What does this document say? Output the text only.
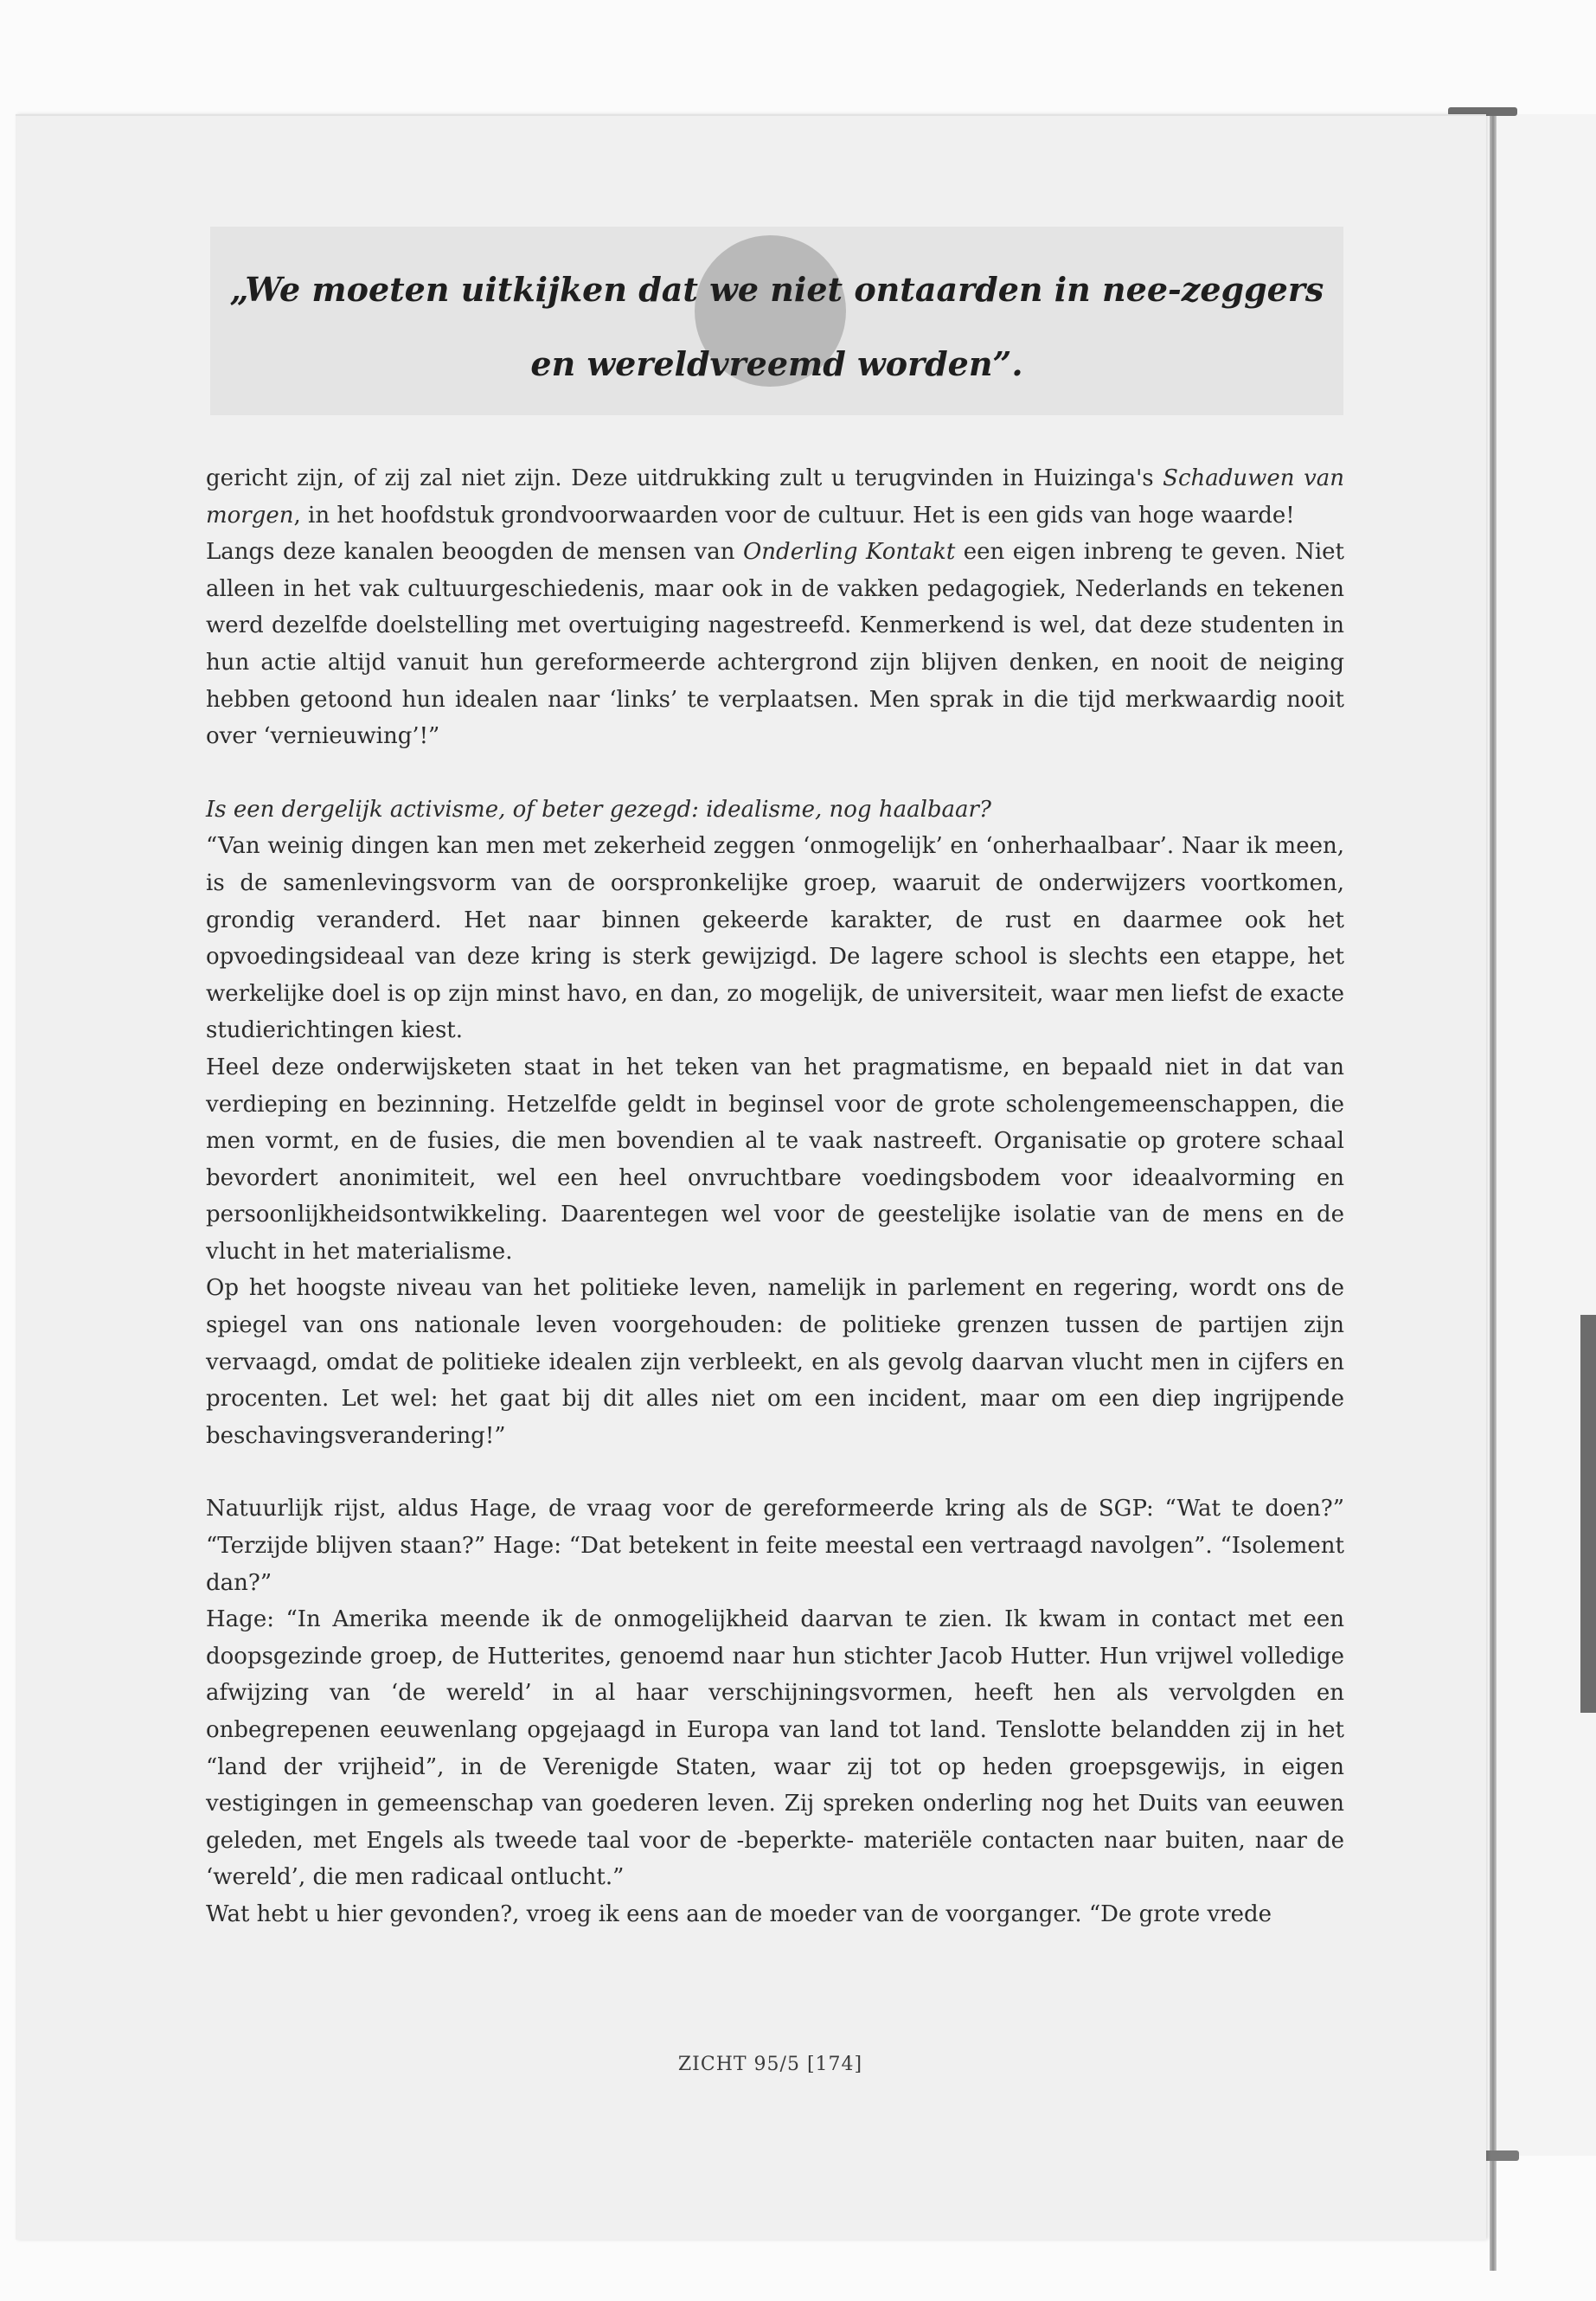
„We moeten uitkijken dat we niet ontaarden in nee-zeggers
en wereldvreemd worden”.

gericht zijn, of zij zal niet zijn. Deze uitdrukking zult u terugvinden in Huizinga's Schaduwen van morgen, in het hoofdstuk grondvoorwaarden voor de cultuur. Het is een gids van hoge waarde!

Langs deze kanalen beoogden de mensen van Onderling Kontakt een eigen inbreng te geven. Niet alleen in het vak cultuurgeschiedenis, maar ook in de vakken pedagogiek, Nederlands en tekenen werd dezelfde doelstelling met overtuiging nagestreefd. Kenmerkend is wel, dat deze studenten in hun actie altijd vanuit hun gereformeerde achtergrond zijn blijven denken, en nooit de neiging hebben getoond hun idealen naar ‘links’ te verplaatsen. Men sprak in die tijd merkwaardig nooit over ‘vernieuwing’!”

Is een dergelijk activisme, of beter gezegd: idealisme, nog haalbaar?

“Van weinig dingen kan men met zekerheid zeggen ‘onmogelijk’ en ‘onherhaalbaar’. Naar ik meen, is de samenlevingsvorm van de oorspronkelijke groep, waaruit de onderwijzers voortkomen, grondig veranderd. Het naar binnen gekeerde karakter, de rust en daarmee ook het opvoedingsideaal van deze kring is sterk gewijzigd. De lagere school is slechts een etappe, het werkelijke doel is op zijn minst havo, en dan, zo mogelijk, de universiteit, waar men liefst de exacte studierichtingen kiest.

Heel deze onderwijsketen staat in het teken van het pragmatisme, en bepaald niet in dat van verdieping en bezinning. Hetzelfde geldt in beginsel voor de grote scholengemeenschappen, die men vormt, en de fusies, die men bovendien al te vaak nastreeft. Organisatie op grotere schaal bevordert anonimiteit, wel een heel onvruchtbare voedingsbodem voor ideaalvorming en persoonlijkheidsontwikkeling. Daarentegen wel voor de geestelijke isolatie van de mens en de vlucht in het materialisme.

Op het hoogste niveau van het politieke leven, namelijk in parlement en regering, wordt ons de spiegel van ons nationale leven voorgehouden: de politieke grenzen tussen de partijen zijn vervaagd, omdat de politieke idealen zijn verbleekt, en als gevolg daarvan vlucht men in cijfers en procenten. Let wel: het gaat bij dit alles niet om een incident, maar om een diep ingrijpende beschavingsverandering!”

Natuurlijk rijst, aldus Hage, de vraag voor de gereformeerde kring als de SGP: “Wat te doen?” “Terzijde blijven staan?” Hage: “Dat betekent in feite meestal een vertraagd navolgen”. “Isolement dan?”

Hage: “In Amerika meende ik de onmogelijkheid daarvan te zien. Ik kwam in contact met een doopsgezinde groep, de Hutterites, genoemd naar hun stichter Jacob Hutter. Hun vrijwel volledige afwijzing van ‘de wereld’ in al haar verschijningsvormen, heeft hen als vervolgden en onbegrepenen eeuwenlang opgejaagd in Europa van land tot land. Tenslotte belandden zij in het “land der vrijheid”, in de Verenigde Staten, waar zij tot op heden groepsgewijs, in eigen vestigingen in gemeenschap van goederen leven. Zij spreken onderling nog het Duits van eeuwen geleden, met Engels als tweede taal voor de -beperkte- materiële contacten naar buiten, naar de ‘wereld’, die men radicaal ontlucht.”

Wat hebt u hier gevonden?, vroeg ik eens aan de moeder van de voorganger. “De grote vrede

ZICHT 95/5 [174]
